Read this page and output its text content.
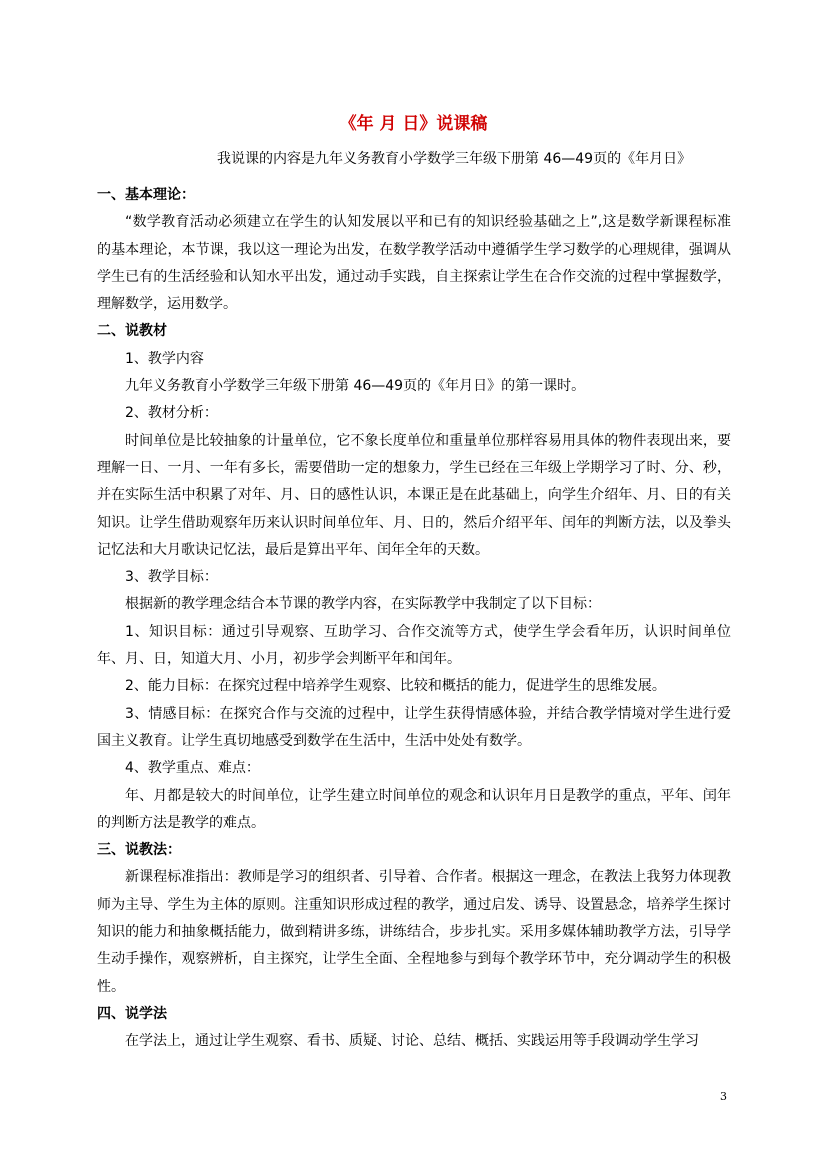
《年 月 日》说课稿
我说课的内容是九年义务教育小学数学三年级下册第 46—49页的《年月日》

一、基本理论：

“数学教育活动必须建立在学生的认知发展以平和已有的知识经验基础之上”,这是数学新课程标准的基本理论，本节课，我以这一理论为出发，在数学教学活动中遵循学生学习数学的心理规律，强调从学生已有的生活经验和认知水平出发，通过动手实践，自主探索让学生在合作交流的过程中掌握数学，理解数学，运用数学。

二、说教材

1、教学内容

九年义务教育小学数学三年级下册第 46—49页的《年月日》的第一课时。

2、教材分析：

时间单位是比较抽象的计量单位，它不象长度单位和重量单位那样容易用具体的物件表现出来，要理解一日、一月、一年有多长，需要借助一定的想象力，学生已经在三年级上学期学习了时、分、秒，并在实际生活中积累了对年、月、日的感性认识，本课正是在此基础上，向学生介绍年、月、日的有关知识。让学生借助观察年历来认识时间单位年、月、日的，然后介绍平年、闰年的判断方法，以及拳头记忆法和大月歌诀记忆法，最后是算出平年、闰年全年的天数。

3、教学目标：

根据新的教学理念结合本节课的教学内容，在实际教学中我制定了以下目标：

1、知识目标：通过引导观察、互助学习、合作交流等方式，使学生学会看年历，认识时间单位年、月、日，知道大月、小月，初步学会判断平年和闰年。

2、能力目标：在探究过程中培养学生观察、比较和概括的能力，促进学生的思维发展。

3、情感目标：在探究合作与交流的过程中，让学生获得情感体验，并结合教学情境对学生进行爱国主义教育。让学生真切地感受到数学在生活中，生活中处处有数学。

4、教学重点、难点：

年、月都是较大的时间单位，让学生建立时间单位的观念和认识年月日是教学的重点，平年、闰年的判断方法是教学的难点。

三、说教法：

新课程标准指出：教师是学习的组织者、引导着、合作者。根据这一理念，在教法上我努力体现教师为主导、学生为主体的原则。注重知识形成过程的教学，通过启发、诱导、设置悬念，培养学生探讨知识的能力和抽象概括能力，做到精讲多练，讲练结合，步步扎实。采用多媒体辅助教学方法，引导学生动手操作，观察辨析，自主探究，让学生全面、全程地参与到每个教学环节中，充分调动学生的积极性。

四、说学法

在学法上，通过让学生观察、看书、质疑、讨论、总结、概括、实践运用等手段调动学生学习

3
